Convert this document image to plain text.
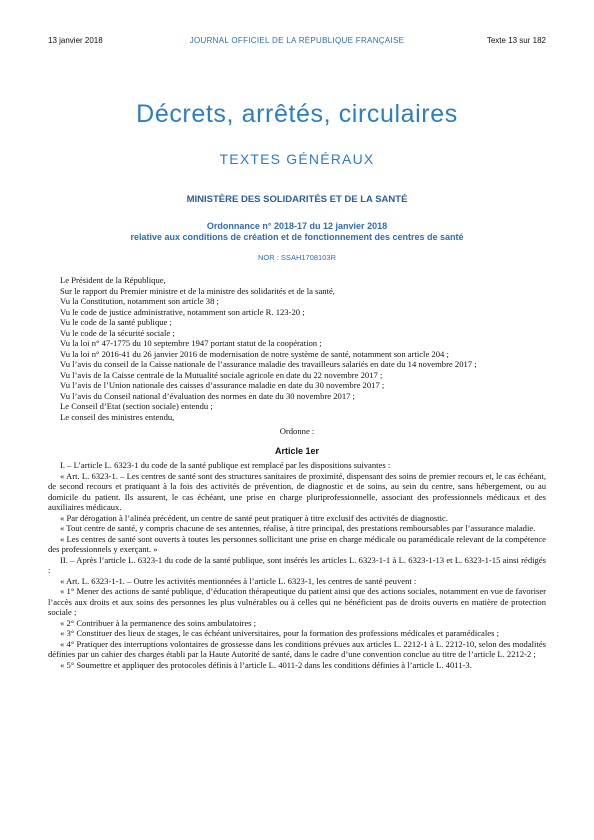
13 janvier 2018	JOURNAL OFFICIEL DE LA RÉPUBLIQUE FRANÇAISE	Texte 13 sur 182
Décrets, arrêtés, circulaires
TEXTES GÉNÉRAUX
MINISTÈRE DES SOLIDARITÉS ET DE LA SANTÉ
Ordonnance n° 2018-17 du 12 janvier 2018
relative aux conditions de création et de fonctionnement des centres de santé
NOR : SSAH1708103R

Le Président de la République,

Sur le rapport du Premier ministre et de la ministre des solidarités et de la santé,

Vu la Constitution, notamment son article 38 ;

Vu le code de justice administrative, notamment son article R. 123-20 ;

Vu le code de la santé publique ;

Vu le code de la sécurité sociale ;

Vu la loi n° 47-1775 du 10 septembre 1947 portant statut de la coopération ;

Vu la loi n° 2016-41 du 26 janvier 2016 de modernisation de notre système de santé, notamment son article 204 ;

Vu l’avis du conseil de la Caisse nationale de l’assurance maladie des travailleurs salariés en date du 14 novembre 2017 ;

Vu l’avis de la Caisse centrale de la Mutualité sociale agricole en date du 22 novembre 2017 ;

Vu l’avis de l’Union nationale des caisses d’assurance maladie en date du 30 novembre 2017 ;

Vu l’avis du Conseil national d’évaluation des normes en date du 30 novembre 2017 ;

Le Conseil d’Etat (section sociale) entendu ;

Le conseil des ministres entendu,

Ordonne :

Article 1er

I. – L’article L. 6323-1 du code de la santé publique est remplacé par les dispositions suivantes :

« Art. L. 6323-1. – Les centres de santé sont des structures sanitaires de proximité, dispensant des soins de premier recours et, le cas échéant, de second recours et pratiquant à la fois des activités de prévention, de diagnostic et de soins, au sein du centre, sans hébergement, ou au domicile du patient. Ils assurent, le cas échéant, une prise en charge pluriprofessionnelle, associant des professionnels médicaux et des auxiliaires médicaux.

« Par dérogation à l’alinéa précédent, un centre de santé peut pratiquer à titre exclusif des activités de diagnostic.

« Tout centre de santé, y compris chacune de ses antennes, réalise, à titre principal, des prestations remboursables par l’assurance maladie.

« Les centres de santé sont ouverts à toutes les personnes sollicitant une prise en charge médicale ou paramédicale relevant de la compétence des professionnels y exerçant. »

II. – Après l’article L. 6323-1 du code de la santé publique, sont insérés les articles L. 6323-1-1 à L. 6323-1-13 et L. 6323-1-15 ainsi rédigés :

« Art. L. 6323-1-1. – Outre les activités mentionnées à l’article L. 6323-1, les centres de santé peuvent :

« 1° Mener des actions de santé publique, d’éducation thérapeutique du patient ainsi que des actions sociales, notamment en vue de favoriser l’accès aux droits et aux soins des personnes les plus vulnérables ou à celles qui ne bénéficient pas de droits ouverts en matière de protection sociale ;

« 2° Contribuer à la permanence des soins ambulatoires ;

« 3° Constituer des lieux de stages, le cas échéant universitaires, pour la formation des professions médicales et paramédicales ;

« 4° Pratiquer des interruptions volontaires de grossesse dans les conditions prévues aux articles L. 2212-1 à L. 2212-10, selon des modalités définies par un cahier des charges établi par la Haute Autorité de santé, dans le cadre d’une convention conclue au titre de l’article L. 2212-2 ;

« 5° Soumettre et appliquer des protocoles définis à l’article L. 4011-2 dans les conditions définies à l’article L. 4011-3.
